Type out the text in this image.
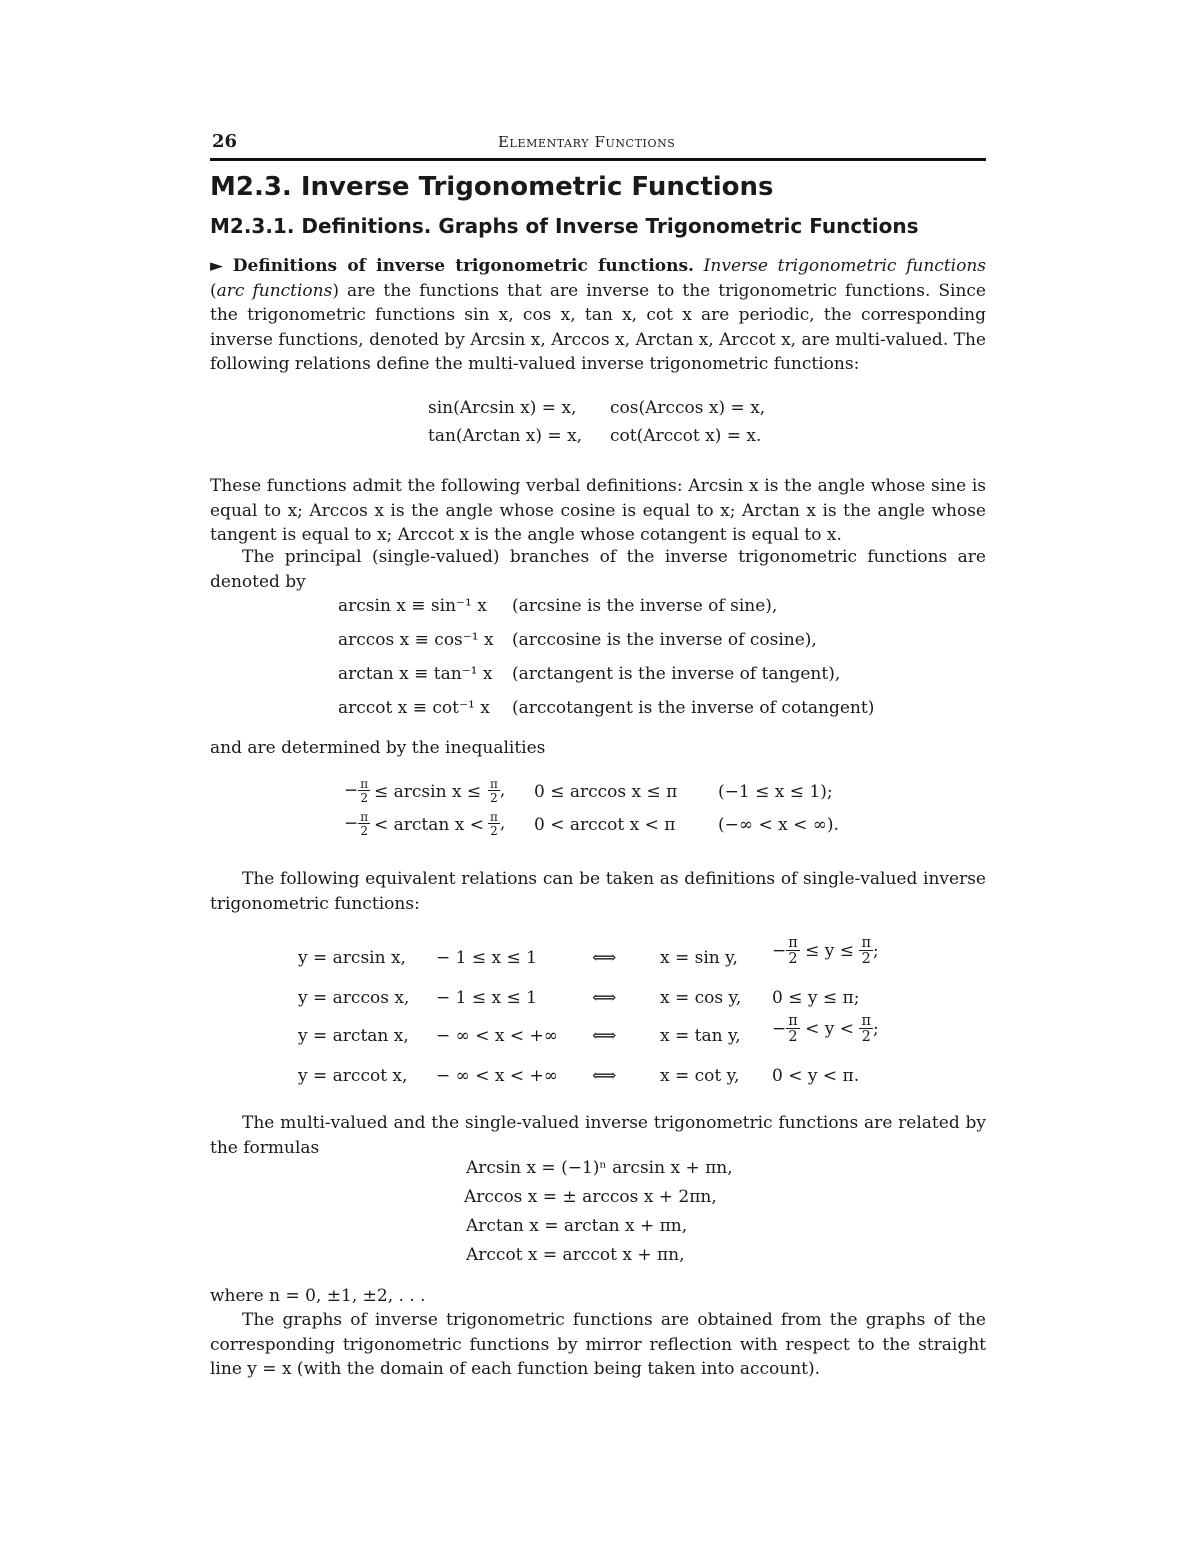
26	Elementary Functions
M2.3. Inverse Trigonometric Functions
M2.3.1. Definitions. Graphs of Inverse Trigonometric Functions
► Definitions of inverse trigonometric functions. Inverse trigonometric functions (arc functions) are the functions that are inverse to the trigonometric functions. Since the trigonometric functions sin x, cos x, tan x, cot x are periodic, the corresponding inverse functions, denoted by Arcsin x, Arccos x, Arctan x, Arccot x, are multi-valued. The following relations define the multi-valued inverse trigonometric functions:
sin(Arcsin x) = x, cos(Arccos x) = x,
tan(Arctan x) = x, cot(Arccot x) = x.
These functions admit the following verbal definitions: Arcsin x is the angle whose sine is equal to x; Arccos x is the angle whose cosine is equal to x; Arctan x is the angle whose tangent is equal to x; Arccot x is the angle whose cotangent is equal to x.
The principal (single-valued) branches of the inverse trigonometric functions are denoted by
arcsin x ≡ sin⁻¹ x (arcsine is the inverse of sine),
arccos x ≡ cos⁻¹ x (arccosine is the inverse of cosine),
arctan x ≡ tan⁻¹ x (arctangent is the inverse of tangent),
arccot x ≡ cot⁻¹ x (arccotangent is the inverse of cotangent)
and are determined by the inequalities
− $\frac{\pi}{2} \le \arcsin x \le \frac{\pi}{2}$ , 0 ≤ arccos x ≤ π (−1 ≤ x ≤ 1);
− $\frac{\pi}{2} < \arctan x < \frac{\pi}{2}$ , 0 < arccot x < π	(−∞ < x < ∞).
The following equivalent relations can be taken as definitions of single-valued inverse trigonometric functions:
y = arcsin x, − 1 ≤ x ≤ 1	⟺	x = sin y, − $\frac{\pi}{2} \le y \le \frac{\pi}{2}$ ;
y = arccos x, − 1 ≤ x ≤ 1	⟺	x = cos y, 0 ≤ y ≤ π;
y = arctan x, − ∞ < x < +∞ ⟺	x = tan y, − $\frac{\pi}{2} < y < \frac{\pi}{2}$ ;
y = arccot x, − ∞ < x < +∞ ⟺	x = cot y, 0 < y < π.
The multi-valued and the single-valued inverse trigonometric functions are related by the formulas
Arcsin x = (−1)ⁿ arcsin x + πn,
Arccos x = ± arccos x + 2πn,
Arctan x = arctan x + πn,
Arccot x = arccot x + πn,
where n = 0, ±1, ±2, . . .
The graphs of inverse trigonometric functions are obtained from the graphs of the corresponding trigonometric functions by mirror reflection with respect to the straight line y = x (with the domain of each function being taken into account).
